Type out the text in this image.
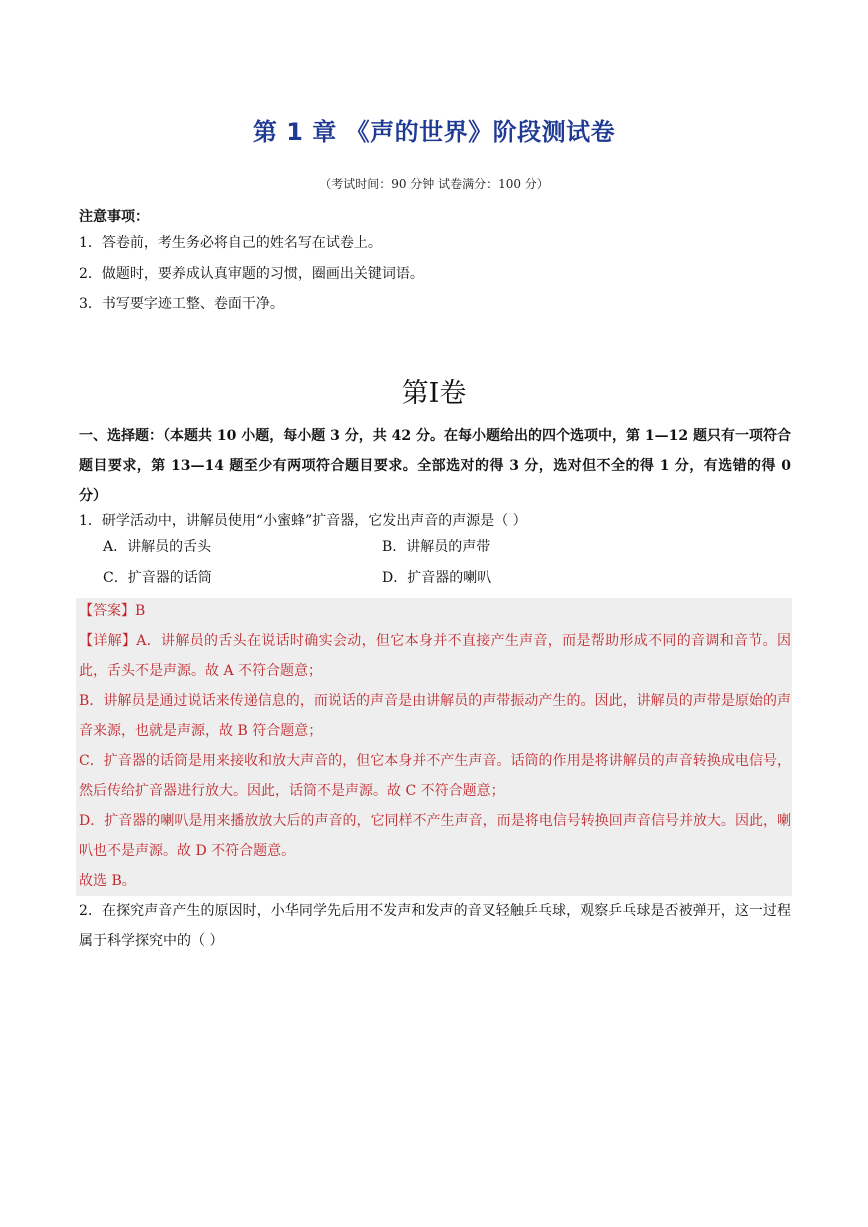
第 1 章 《声的世界》阶段测试卷
（考试时间：90 分钟 试卷满分：100 分）
注意事项：
1．答卷前，考生务必将自己的姓名写在试卷上。
2．做题时，要养成认真审题的习惯，圈画出关键词语。
3．书写要字迹工整、卷面干净。
第I卷
一、选择题：（本题共 10 小题，每小题 3 分，共 42 分。在每小题给出的四个选项中，第 1—12 题只有一项符合题目要求，第 13—14 题至少有两项符合题目要求。全部选对的得 3 分，选对但不全的得 1 分，有选错的得 0 分）
1．研学活动中，讲解员使用“小蜜蜂”扩音器，它发出声音的声源是（ ）
A．讲解员的舌头	B．讲解员的声带
C．扩音器的话筒	D．扩音器的喇叭

【答案】B

【详解】A．讲解员的舌头在说话时确实会动，但它本身并不直接产生声音，而是帮助形成不同的音调和音节。因此，舌头不是声源。故 A 不符合题意；

B．讲解员是通过说话来传递信息的，而说话的声音是由讲解员的声带振动产生的。因此，讲解员的声带是原始的声音来源，也就是声源，故 B 符合题意；

C．扩音器的话筒是用来接收和放大声音的，但它本身并不产生声音。话筒的作用是将讲解员的声音转换成电信号，然后传给扩音器进行放大。因此，话筒不是声源。故 C 不符合题意；

D．扩音器的喇叭是用来播放放大后的声音的，它同样不产生声音，而是将电信号转换回声音信号并放大。因此，喇叭也不是声源。故 D 不符合题意。

故选 B。

2．在探究声音产生的原因时，小华同学先后用不发声和发声的音叉轻触乒乓球，观察乒乓球是否被弹开，这一过程属于科学探究中的（ ）
